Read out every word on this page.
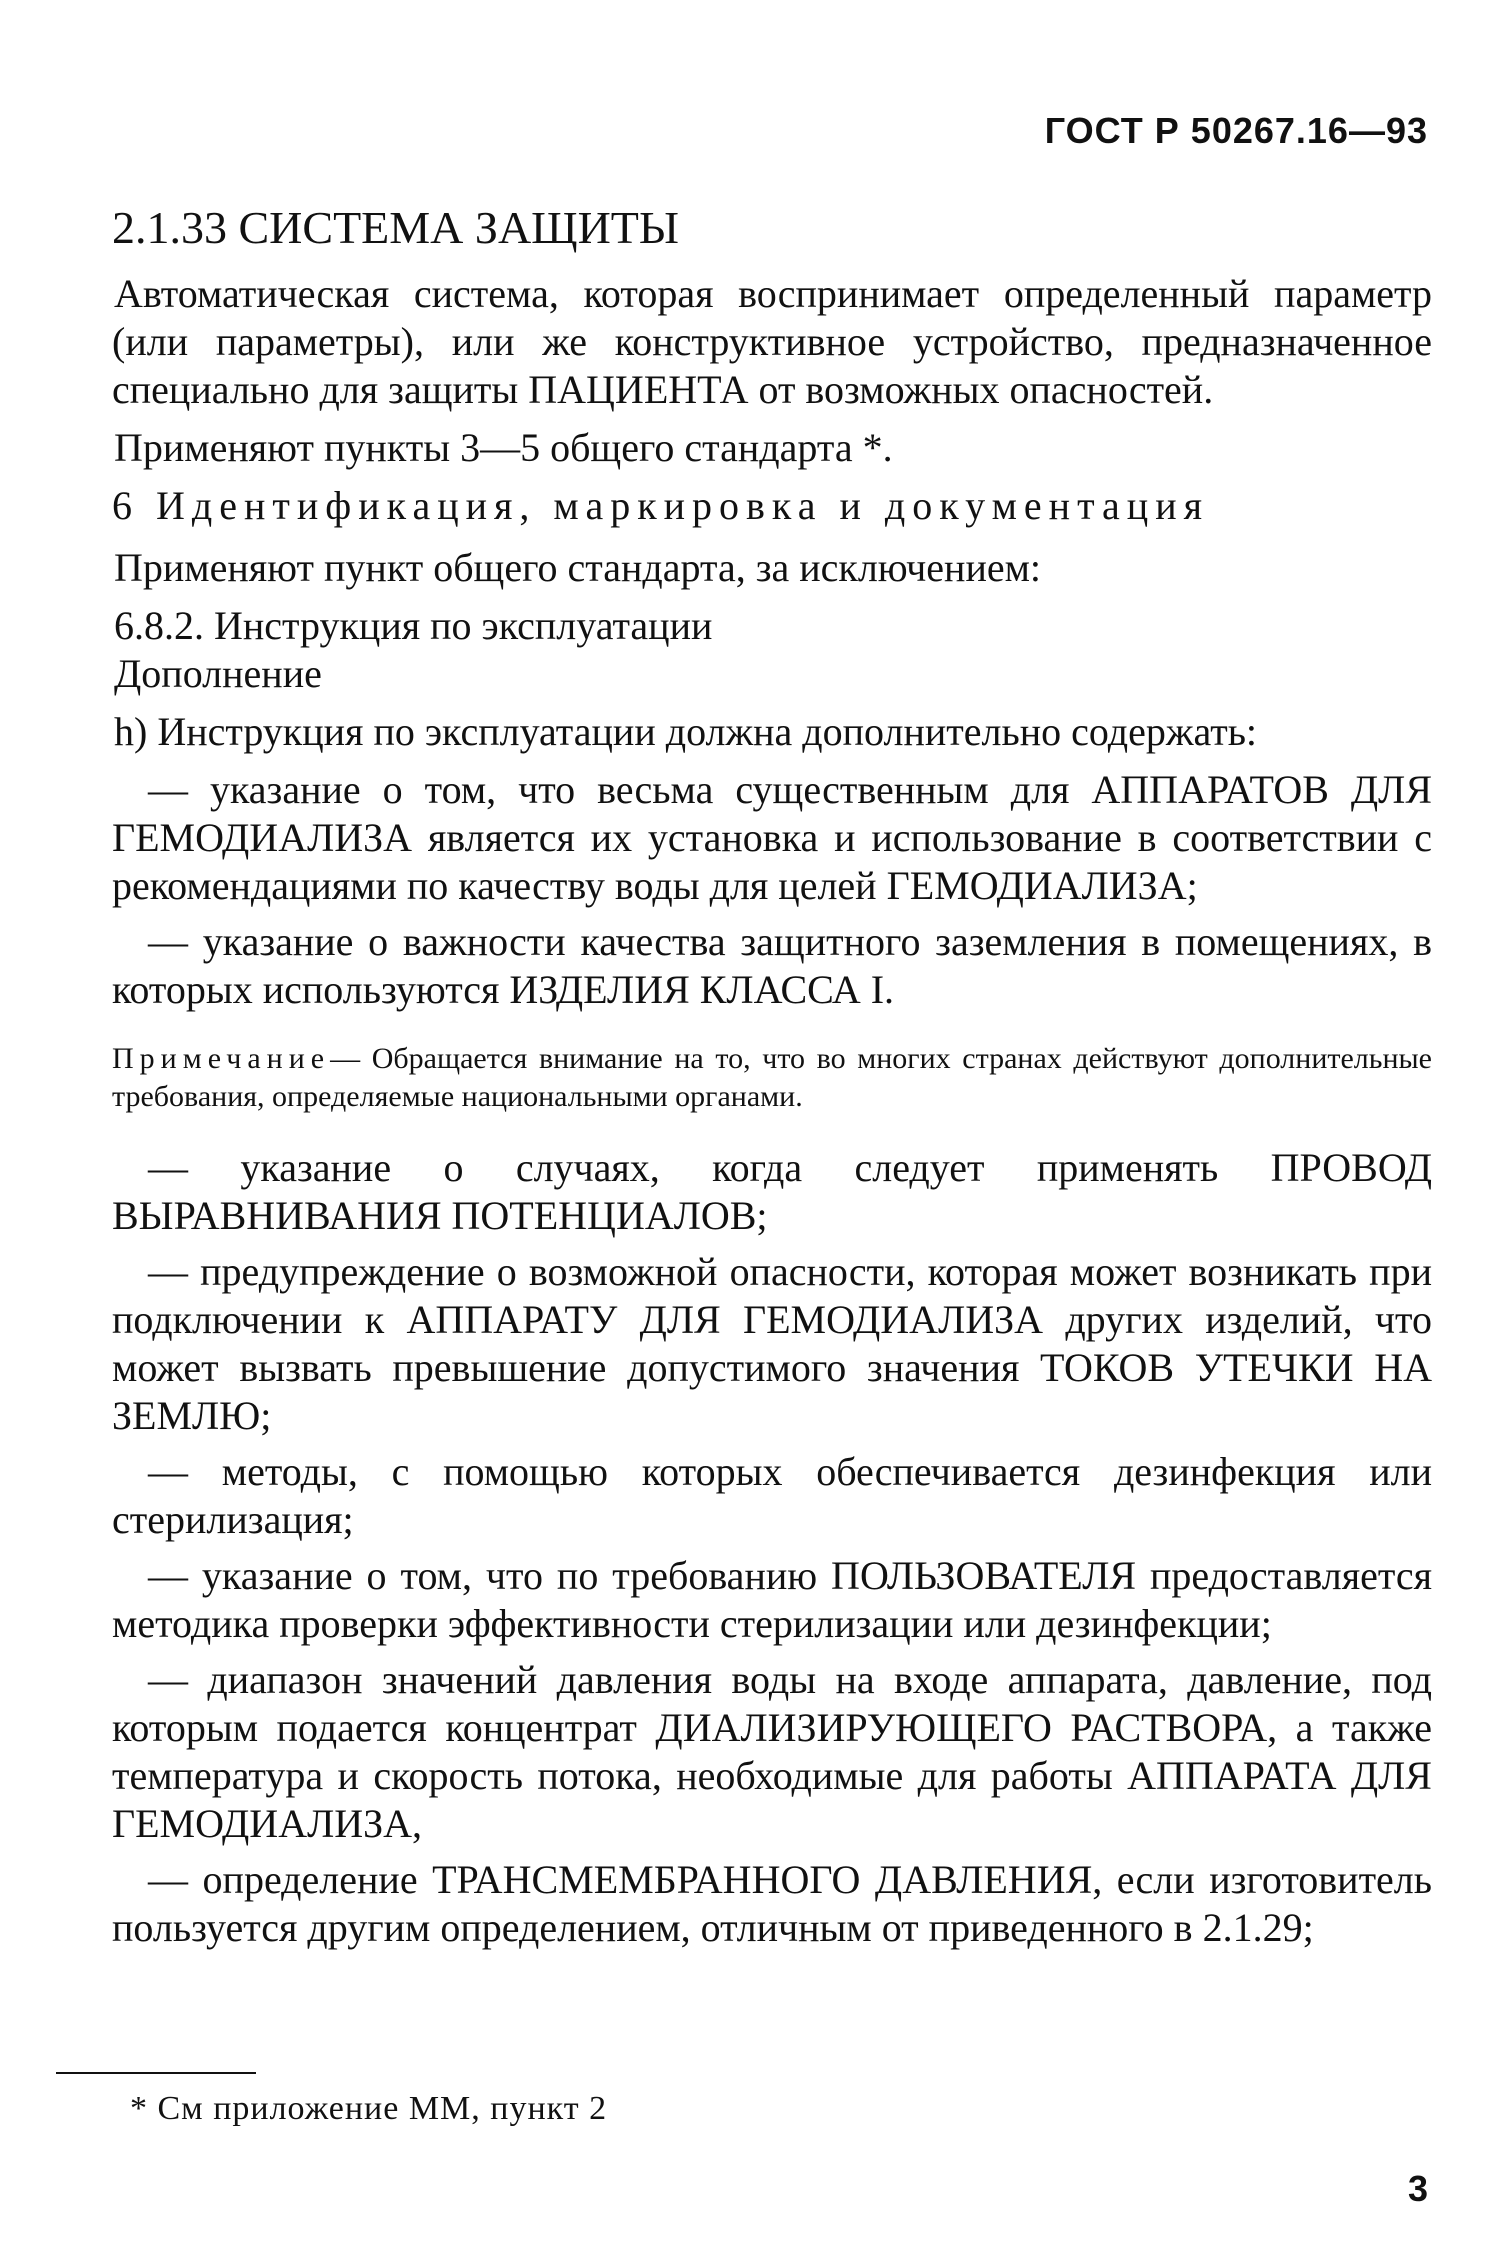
ГОСТ Р 50267.16—93

2.1.33 СИСТЕМА ЗАЩИТЫ

Автоматическая система, которая воспринимает определенный параметр (или параметры), или же конструктивное устройство, предназначенное специально для защиты ПАЦИЕНТА от возможных опасностей.

Применяют пункты 3—5 общего стандарта *.

6 Идентификация, маркировка и документация

Применяют пункт общего стандарта, за исключением:

6.8.2. Инструкция по эксплуатации

Дополнение

h) Инструкция по эксплуатации должна дополнительно содержать:

— указание о том, что весьма существенным для АППАРАТОВ ДЛЯ ГЕМОДИАЛИЗА является их установка и использование в соответствии с рекомендациями по качеству воды для целей ГЕМОДИАЛИЗА;

— указание о важности качества защитного заземления в помещениях, в которых используются ИЗДЕЛИЯ КЛАССА I.

Примечание— Обращается внимание на то, что во многих странах действуют дополнительные требования, определяемые национальными органами.

— указание о случаях, когда следует применять ПРОВОД ВЫРАВНИВАНИЯ ПОТЕНЦИАЛОВ;

— предупреждение о возможной опасности, которая может возникать при подключении к АППАРАТУ ДЛЯ ГЕМОДИАЛИЗА других изделий, что может вызвать превышение допустимого значения ТОКОВ УТЕЧКИ НА ЗЕМЛЮ;

— методы, с помощью которых обеспечивается дезинфекция или стерилизация;

— указание о том, что по требованию ПОЛЬЗОВАТЕЛЯ предоставляется методика проверки эффективности стерилизации или дезинфекции;

— диапазон значений давления воды на входе аппарата, давление, под которым подается концентрат ДИАЛИЗИРУЮЩЕГО РАСТВОРА, а также температура и скорость потока, необходимые для работы АППАРАТА ДЛЯ ГЕМОДИАЛИЗА,

— определение ТРАНСМЕМБРАННОГО ДАВЛЕНИЯ, если изготовитель пользуется другим определением, отличным от приведенного в 2.1.29;

* См приложение ММ, пункт 2
3
